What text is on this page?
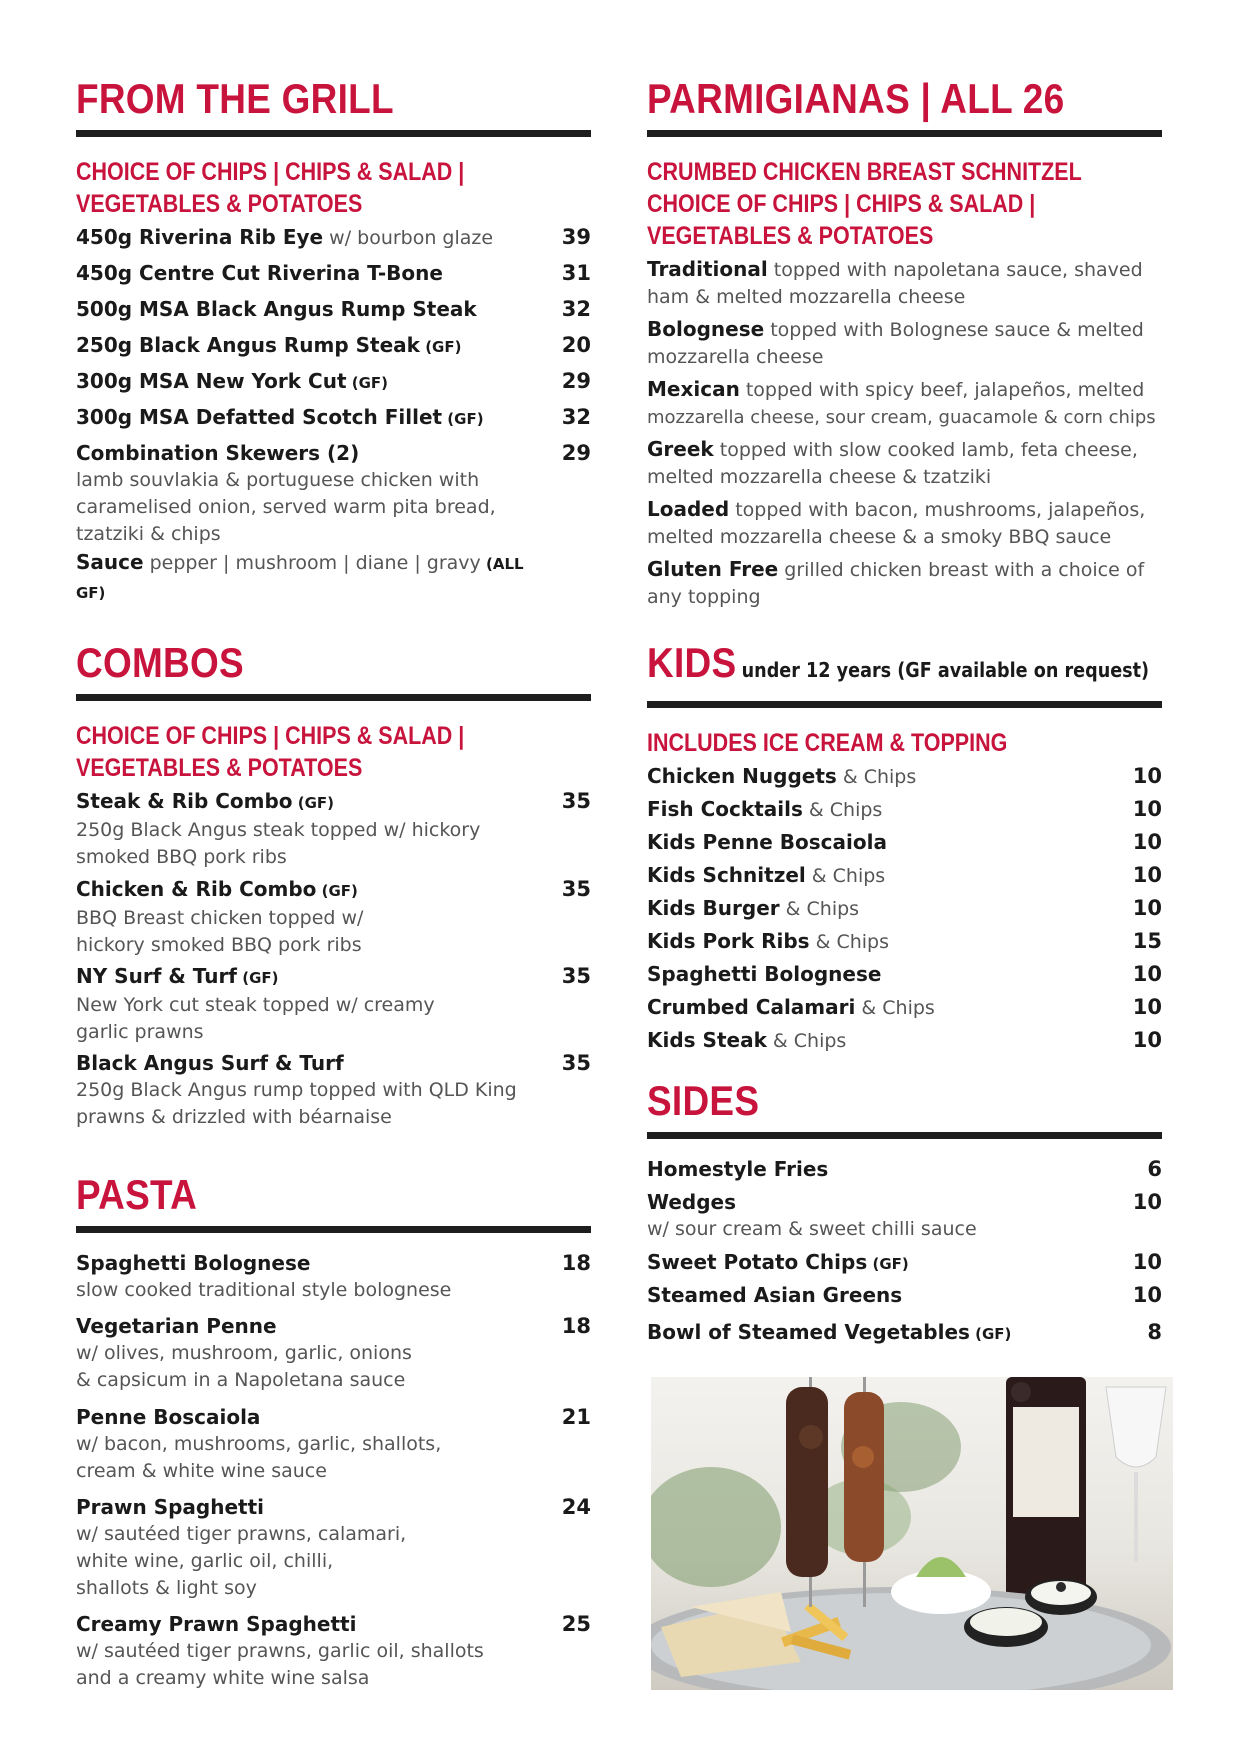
FROM THE GRILL
CHOICE OF CHIPS | CHIPS & SALAD |
VEGETABLES & POTATOES
450g Riverina Rib Eye w/ bourbon glaze	39
450g Centre Cut Riverina T-Bone	31
500g MSA Black Angus Rump Steak	32
250g Black Angus Rump Steak (GF)	20
300g MSA New York Cut (GF)	29
300g MSA Defatted Scotch Fillet (GF)	32
Combination Skewers (2)
lamb souvlakia & portuguese chicken with
caramelised onion, served warm pita bread,
tzatziki & chips
29
Sauce pepper | mushroom | diane | gravy (ALL GF)
COMBOS
CHOICE OF CHIPS | CHIPS & SALAD |
VEGETABLES & POTATOES
Steak & Rib Combo (GF)
250g Black Angus steak topped w/ hickory
smoked BBQ pork ribs
35
Chicken & Rib Combo (GF)
BBQ Breast chicken topped w/
hickory smoked BBQ pork ribs
35
NY Surf & Turf (GF)
New York cut steak topped w/ creamy
garlic prawns
35
Black Angus Surf & Turf
250g Black Angus rump topped with QLD King
prawns & drizzled with béarnaise
35
PASTA
Spaghetti Bolognese
slow cooked traditional style bolognese
18
Vegetarian Penne
w/ olives, mushroom, garlic, onions
& capsicum in a Napoletana sauce
18
Penne Boscaiola
w/ bacon, mushrooms, garlic, shallots,
cream & white wine sauce
21
Prawn Spaghetti
w/ sautéed tiger prawns, calamari,
white wine, garlic oil, chilli,
shallots & light soy
24
Creamy Prawn Spaghetti
w/ sautéed tiger prawns, garlic oil, shallots
and a creamy white wine salsa
25
PARMIGIANAS | ALL 26
CRUMBED CHICKEN BREAST SCHNITZEL
CHOICE OF CHIPS | CHIPS & SALAD |
VEGETABLES & POTATOES
Traditional topped with napoletana sauce, shaved
ham & melted mozzarella cheese
Bolognese topped with Bolognese sauce & melted
mozzarella cheese
Mexican topped with spicy beef, jalapeños, melted
mozzarella cheese, sour cream, guacamole & corn chips
Greek topped with slow cooked lamb, feta cheese,
melted mozzarella cheese & tzatziki
Loaded topped with bacon, mushrooms, jalapeños,
melted mozzarella cheese & a smoky BBQ sauce
Gluten Free grilled chicken breast with a choice of
any topping
KIDS under 12 years (GF available on request)
INCLUDES ICE CREAM & TOPPING
Chicken Nuggets & Chips	10
Fish Cocktails & Chips	10
Kids Penne Boscaiola	10
Kids Schnitzel & Chips	10
Kids Burger & Chips	10
Kids Pork Ribs & Chips	15
Spaghetti Bolognese	10
Crumbed Calamari & Chips	10
Kids Steak & Chips	10
SIDES
Homestyle Fries	6
Wedges
w/ sour cream & sweet chilli sauce
10
Sweet Potato Chips (GF)	10
Steamed Asian Greens	10
Bowl of Steamed Vegetables (GF)	8
